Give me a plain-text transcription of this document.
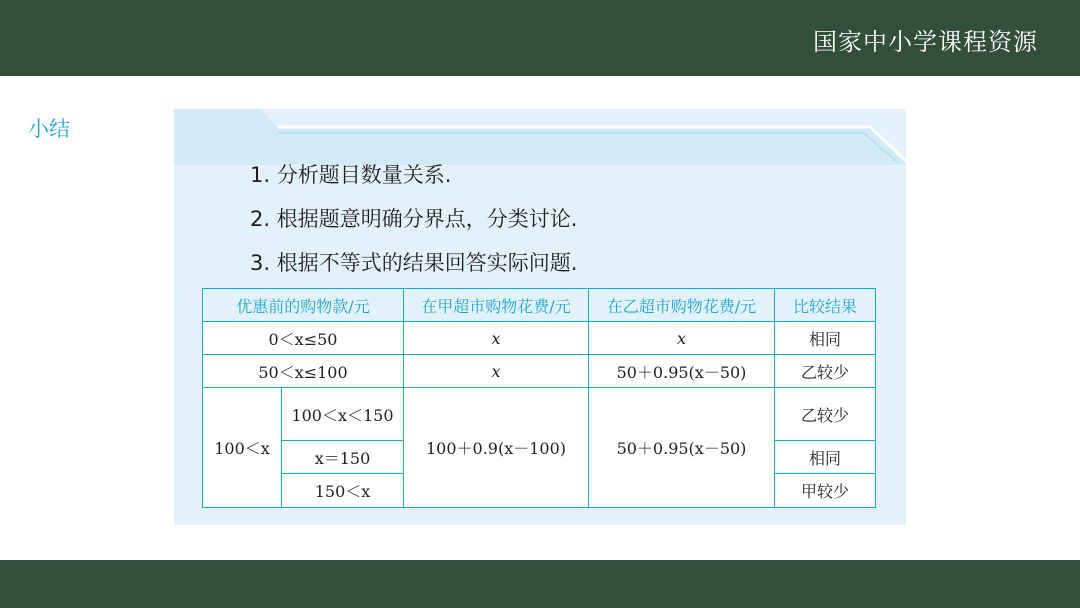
国家中小学课程资源
小结
1. 分析题目数量关系.
2. 根据题意明确分界点，分类讨论.
3. 根据不等式的结果回答实际问题.
优惠前的购物款/元		在甲超市购物花费/元	在乙超市购物花费/元	比较结果
0＜x≤50		x	x	相同
50＜x≤100		x	50＋0.95(x－50)	乙较少
100＜x	100＜x＜150	100＋0.9(x－100)	50＋0.95(x－50)	乙较少
	x＝150			相同
	150＜x			甲较少
